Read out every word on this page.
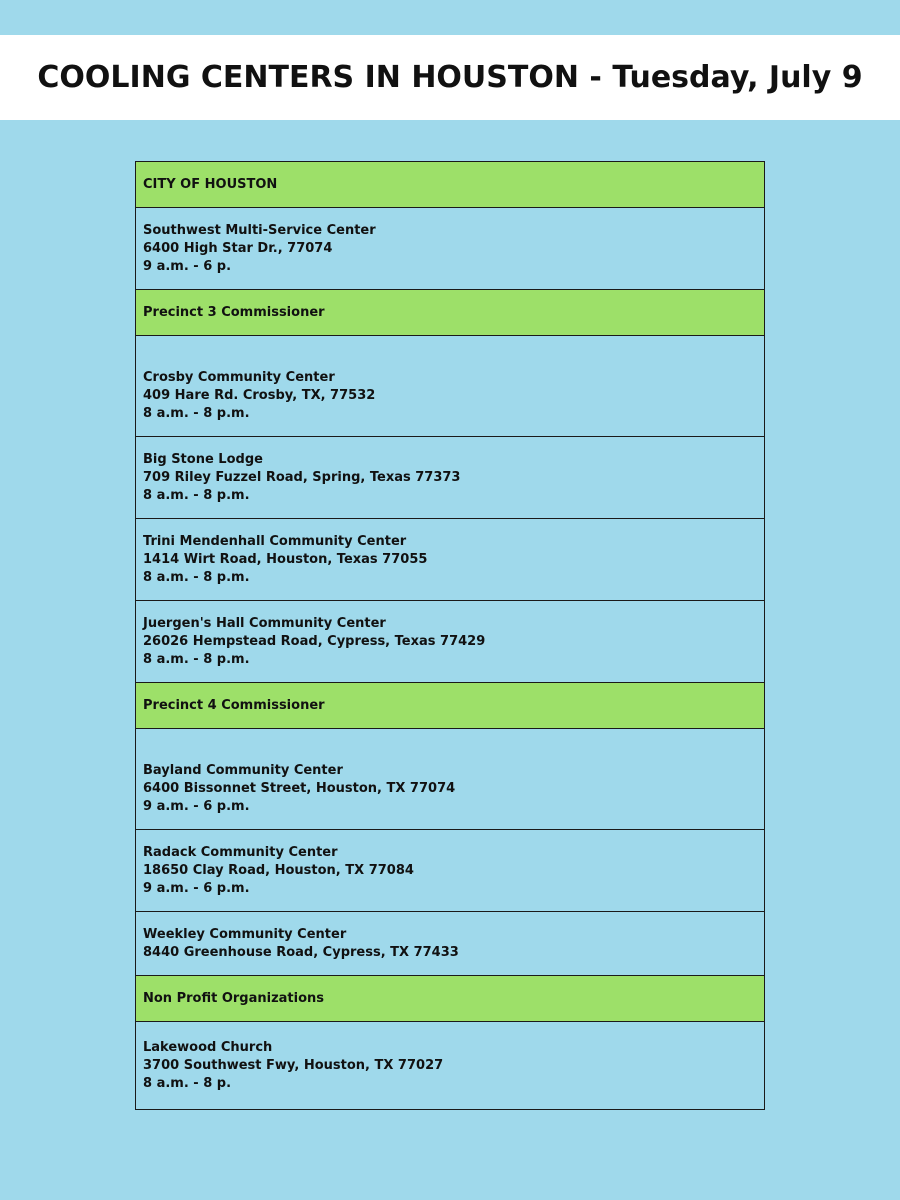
COOLING CENTERS IN HOUSTON - Tuesday, July 9
CITY OF HOUSTON
Southwest Multi-Service Center
6400 High Star Dr., 77074
9 a.m. - 6 p.
Precinct 3 Commissioner
Crosby Community Center
409 Hare Rd. Crosby, TX, 77532
8 a.m. - 8 p.m.
Big Stone Lodge
709 Riley Fuzzel Road, Spring, Texas 77373
8 a.m. - 8 p.m.
Trini Mendenhall Community Center
1414 Wirt Road, Houston, Texas 77055
8 a.m. - 8 p.m.
Juergen's Hall Community Center
26026 Hempstead Road, Cypress, Texas 77429
8 a.m. - 8 p.m.
Precinct 4 Commissioner
Bayland Community Center
6400 Bissonnet Street, Houston, TX 77074
9 a.m. - 6 p.m.
Radack Community Center
18650 Clay Road, Houston, TX 77084
9 a.m. - 6 p.m.
Weekley Community Center
8440 Greenhouse Road, Cypress, TX 77433
Non Profit Organizations
Lakewood Church
3700 Southwest Fwy, Houston, TX 77027
8 a.m. - 8 p.
